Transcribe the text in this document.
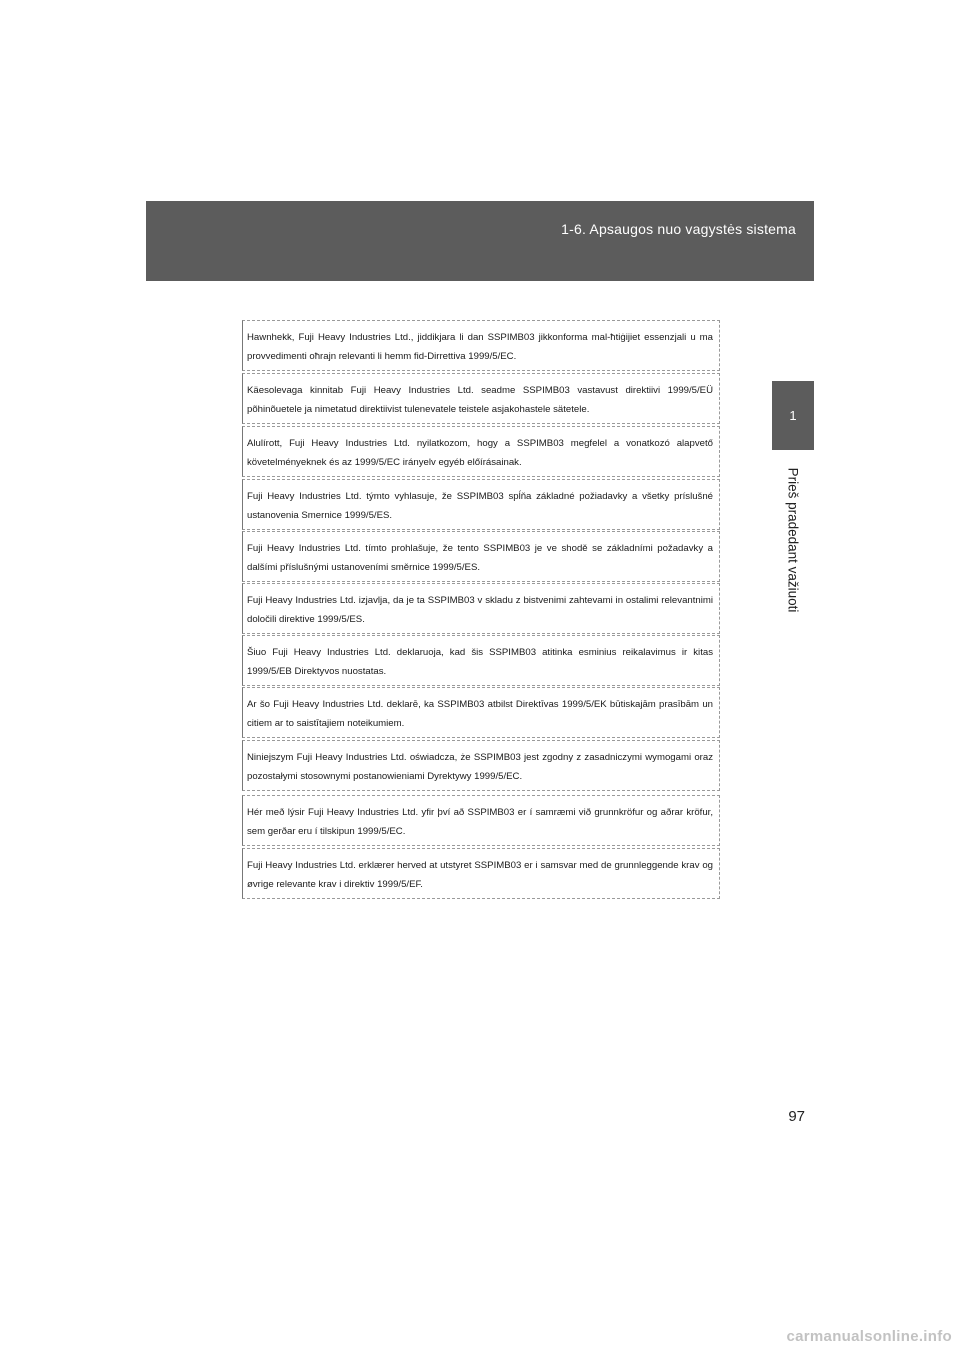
1-6. Apsaugos nuo vagystės sistema
1
Prieš pradedant važiuoti
Hawnhekk, Fuji Heavy Industries Ltd., jiddikjara li dan SSPIMB03 jikkonforma mal-ħtiġijiet essenzjali u ma provvedimenti oħrajn relevanti li hemm fid-Dirrettiva 1999/5/EC.
Käesolevaga kinnitab Fuji Heavy Industries Ltd. seadme SSPIMB03 vastavust direktiivi 1999/5/EÜ põhinõuetele ja nimetatud direktiivist tulenevatele teistele asjakohastele sätetele.
Alulírott, Fuji Heavy Industries Ltd. nyilatkozom, hogy a SSPIMB03 megfelel a vonatkozó alapvető követelményeknek és az 1999/5/EC irányelv egyéb előírásainak.
Fuji Heavy Industries Ltd. týmto vyhlasuje, že SSPIMB03 spĺňa základné požiadavky a všetky príslušné ustanovenia Smernice 1999/5/ES.
Fuji Heavy Industries Ltd. tímto prohlašuje, že tento SSPIMB03 je ve shodě se základními požadavky a dalšími příslušnými ustanoveními směrnice 1999/5/ES.
Fuji Heavy Industries Ltd. izjavlja, da je ta SSPIMB03 v skladu z bistvenimi zahtevami in ostalimi relevantnimi določili direktive 1999/5/ES.
Šiuo Fuji Heavy Industries Ltd. deklaruoja, kad šis SSPIMB03 atitinka esminius reikalavimus ir kitas 1999/5/EB Direktyvos nuostatas.
Ar šo Fuji Heavy Industries Ltd. deklarē, ka SSPIMB03 atbilst Direktīvas 1999/5/EK būtiskajām prasībām un citiem ar to saistītajiem noteikumiem.
Niniejszym Fuji Heavy Industries Ltd. oświadcza, że SSPIMB03 jest zgodny z zasadniczymi wymogami oraz pozostałymi stosownymi postanowieniami Dyrektywy 1999/5/EC.
Hér með lýsir Fuji Heavy Industries Ltd. yfir því að SSPIMB03 er í samræmi við grunnkröfur og aðrar kröfur, sem gerðar eru í tilskipun 1999/5/EC.
Fuji Heavy Industries Ltd. erklærer herved at utstyret SSPIMB03 er i samsvar med de grunnleggende krav og øvrige relevante krav i direktiv 1999/5/EF.
97
carmanualsonline.info
